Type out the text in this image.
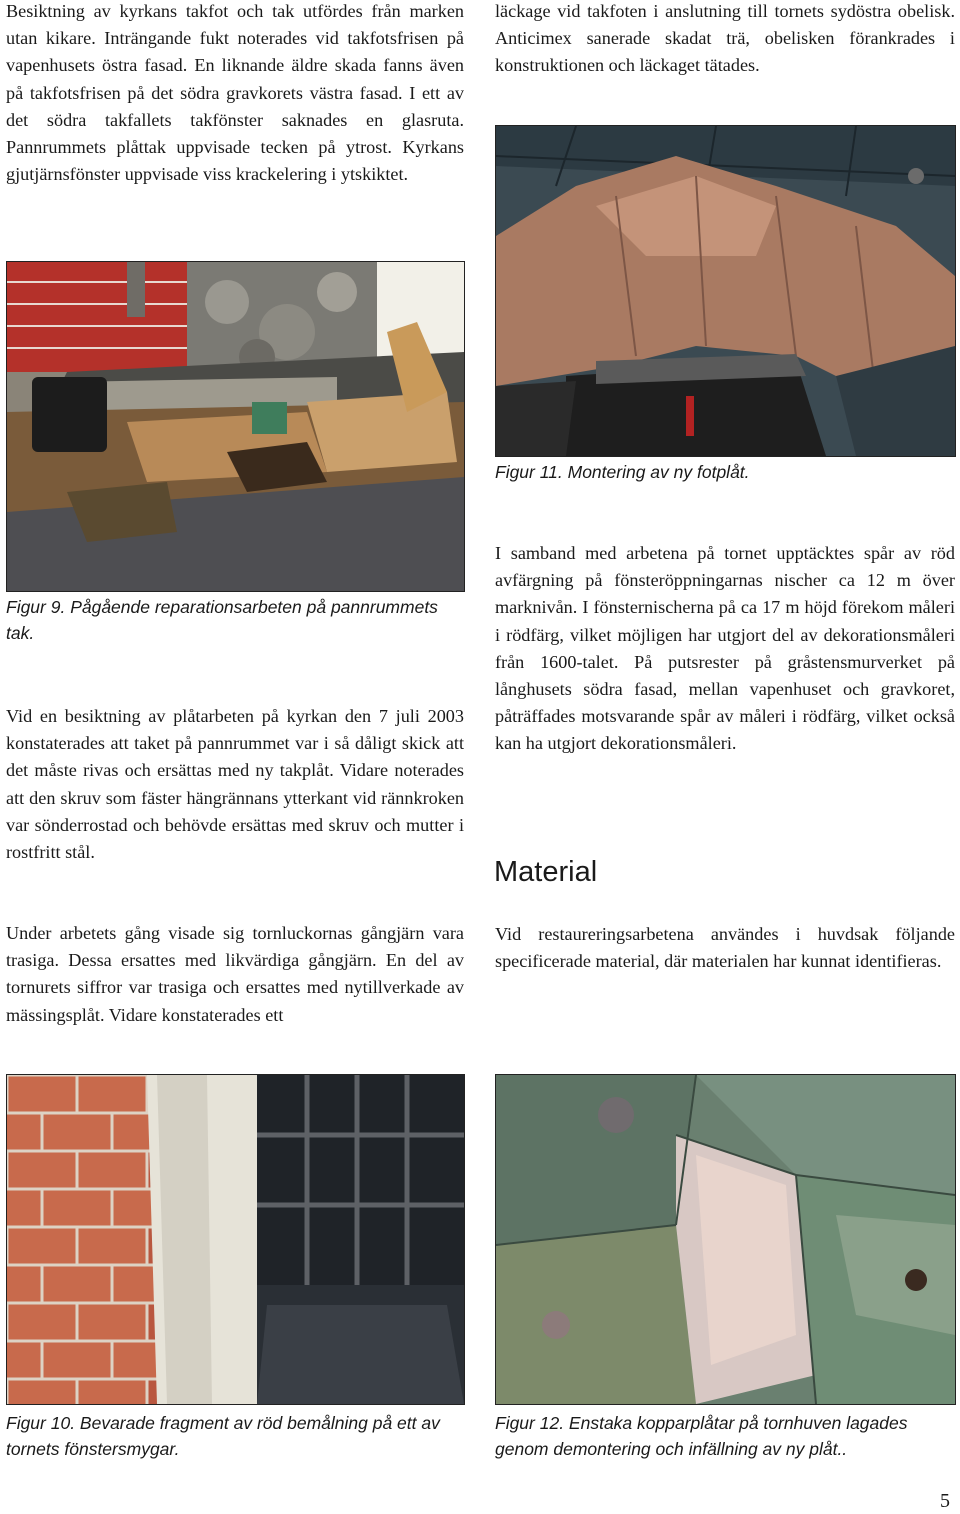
Besiktning av kyrkans takfot och tak utfördes från marken utan kikare. Inträngande fukt noterades vid takfotsfrisen på vapenhusets östra fasad. En liknande äldre skada fanns även på takfotsfrisen på det södra gravkorets västra fasad. I ett av det södra takfallets takfönster saknades en glasruta. Pannrummets plåttak uppvisade tecken på ytrost. Kyrkans gjutjärnsfönster uppvisade viss krackelering i ytskiktet.

Figur 9. Pågående reparationsarbeten på pannrummets tak.

Vid en besiktning av plåtarbeten på kyrkan den 7 juli 2003 konstaterades att taket på pannrummet var i så dåligt skick att det måste rivas och ersättas med ny takplåt. Vidare noterades att den skruv som fäster hängrännans ytterkant vid rännkroken var sönderrostad och behövde ersättas med skruv och mutter i rostfritt stål.

Under arbetets gång visade sig tornluckornas gångjärn vara trasiga. Dessa ersattes med likvärdiga gångjärn. En del av tornurets siffror var trasiga och ersattes med nytillverkade av mässingsplåt. Vidare konstaterades ett

Figur 10. Bevarade fragment av röd bemålning på ett av tornets fönstersmygar.

läckage vid takfoten i anslutning till tornets sydöstra obelisk. Anticimex sanerade skadat trä, obelisken förankrades i konstruktionen och läckaget tätades.

Figur 11. Montering av ny fotplåt.

I samband med arbetena på tornet upptäcktes spår av röd avfärgning på fönsteröppningarnas nischer ca 12 m över marknivån. I fönsternischerna på ca 17 m höjd förekom måleri i rödfärg, vilket möjligen har utgjort del av dekorationsmåleri från 1600-talet. På putsrester på gråstensmurverket på långhusets södra fasad, mellan vapenhuset och gravkoret, påträffades motsvarande spår av måleri i rödfärg, vilket också kan ha utgjort dekorationsmåleri.

Material

Vid restaureringsarbetena användes i huvdsak följande specificerade material, där materialen har kunnat identifieras.

Figur 12. Enstaka kopparplåtar på tornhuven lagades genom demontering och infällning av ny plåt..

5
